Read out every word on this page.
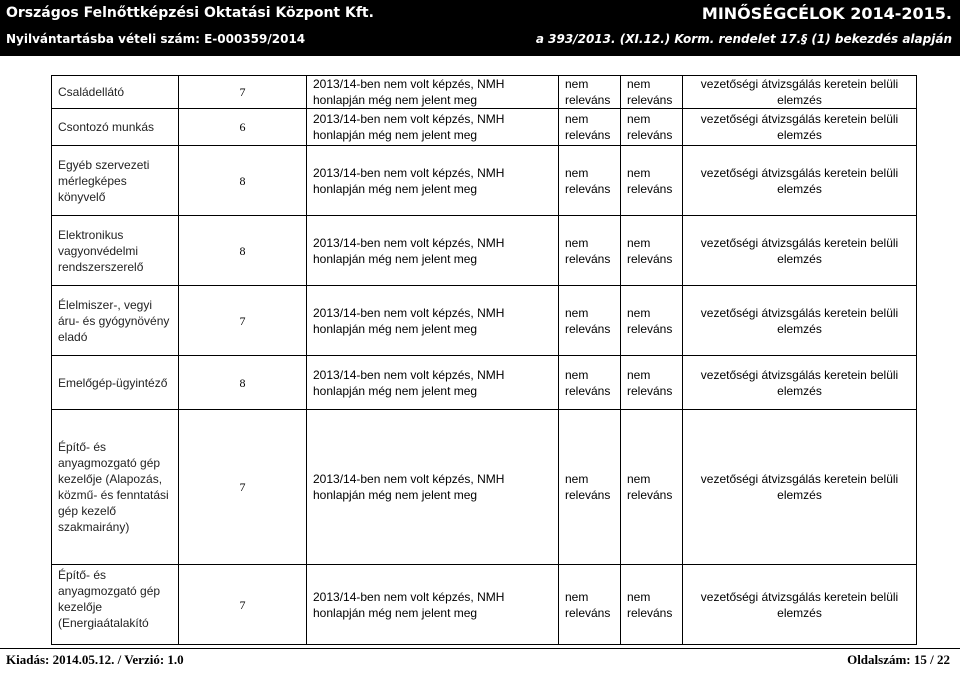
Országos Felnőttképzési Oktatási Központ Kft.
Nyilvántartásba vételi szám: E-000359/2014
MINŐSÉGCÉLOK 2014-2015.
a 393/2013. (XI.12.) Korm. rendelet 17.§ (1) bekezdés alapján
Családellátó	7	2013/14-ben nem volt képzés, NMH honlapján még nem jelent meg	nem releváns	nem releváns	vezetőségi átvizsgálás keretein belüli elemzés
Csontozó munkás	6	2013/14-ben nem volt képzés, NMH honlapján még nem jelent meg	nem releváns	nem releváns	vezetőségi átvizsgálás keretein belüli elemzés
Egyéb szervezeti mérlegképes könyvelő	8	2013/14-ben nem volt képzés, NMH honlapján még nem jelent meg	nem releváns	nem releváns	vezetőségi átvizsgálás keretein belüli elemzés
Elektronikus vagyonvédelmi rendszerszerelő	8	2013/14-ben nem volt képzés, NMH honlapján még nem jelent meg	nem releváns	nem releváns	vezetőségi átvizsgálás keretein belüli elemzés
Élelmiszer-, vegyi áru- és gyógynövény eladó	7	2013/14-ben nem volt képzés, NMH honlapján még nem jelent meg	nem releváns	nem releváns	vezetőségi átvizsgálás keretein belüli elemzés
Emelőgép-ügyintéző	8	2013/14-ben nem volt képzés, NMH honlapján még nem jelent meg	nem releváns	nem releváns	vezetőségi átvizsgálás keretein belüli elemzés
Építő- és anyagmozgató gép kezelője (Alapozás, közmű- és fenntatási gép kezelő szakmairány)	7	2013/14-ben nem volt képzés, NMH honlapján még nem jelent meg	nem releváns	nem releváns	vezetőségi átvizsgálás keretein belüli elemzés
Építő- és anyagmozgató gép kezelője (Energiaátalakító	7	2013/14-ben nem volt képzés, NMH honlapján még nem jelent meg	nem releváns	nem releváns	vezetőségi átvizsgálás keretein belüli elemzés
Kiadás: 2014.05.12. / Verzió: 1.0	Oldalszám: 15 / 22
